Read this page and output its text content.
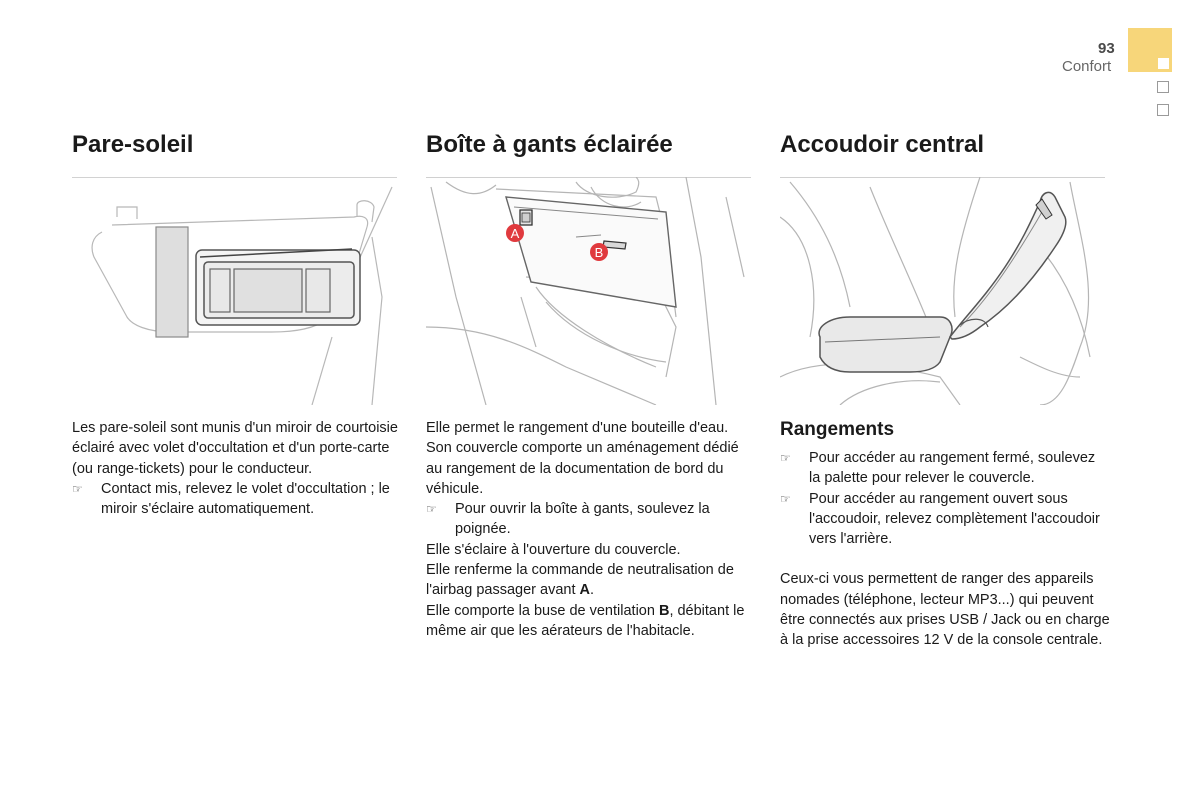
93
Confort
Pare-soleil

Les pare-soleil sont munis d'un miroir de courtoisie éclairé avec volet d'occultation et d'un porte-carte (ou range-tickets) pour le conducteur.

☞ Contact mis, relevez le volet d'occultation ; le miroir s'éclaire automatiquement.

Boîte à gants éclairée
A
B

Elle permet le rangement d'une bouteille d'eau. Son couvercle comporte un aménagement dédié au rangement de la documentation de bord du véhicule.

☞ Pour ouvrir la boîte à gants, soulevez la poignée.

Elle s'éclaire à l'ouverture du couvercle.

Elle renferme la commande de neutralisation de l'airbag passager avant A.

Elle comporte la buse de ventilation B, débitant le même air que les aérateurs de l'habitacle.

Accoudoir central
Rangements

☞ Pour accéder au rangement fermé, soulevez la palette pour relever le couvercle.

☞ Pour accéder au rangement ouvert sous l'accoudoir, relevez complètement l'accoudoir vers l'arrière.

Ceux-ci vous permettent de ranger des appareils nomades (téléphone, lecteur MP3...) qui peuvent être connectés aux prises USB / Jack ou en charge à la prise accessoires 12 V de la console centrale.
